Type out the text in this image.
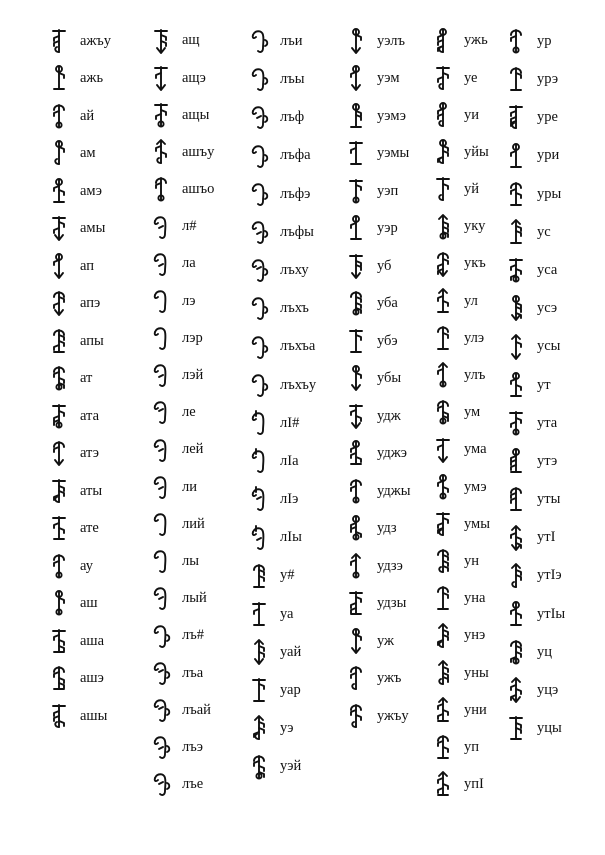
ажъу
ажь
ай
ам
амэ
амы
ап
апэ
апы
ат
ата
атэ
аты
ате
ау
аш
аша
ашэ
ашы
ащ
ащэ
ащы
ашъу
ашъо
л#
ла
лэ
лэр
лэй
ле
лей
ли
лий
лы
лый
лъ#
лъа
лъай
лъэ
лъе
лъи
лъы
лъф
лъфа
лъфэ
лъфы
лъху
лъхъ
лъхъа
лъхъу
лI#
лIа
лIэ
лIы
у#
уа
уай
уар
уэ
уэй
уэлъ
уэм
уэмэ
уэмы
уэп
уэр
уб
уба
убэ
убы
удж
уджэ
уджы
удз
удзэ
удзы
уж
ужъ
ужъу
ужь
уе
уи
уйы
уй
уку
укъ
ул
улэ
улъ
ум
ума
умэ
умы
ун
уна
унэ
уны
уни
уп
упI
ур
урэ
уре
ури
уры
ус
уса
усэ
усы
ут
ута
утэ
уты
утI
утIэ
утIы
уц
уцэ
уцы
